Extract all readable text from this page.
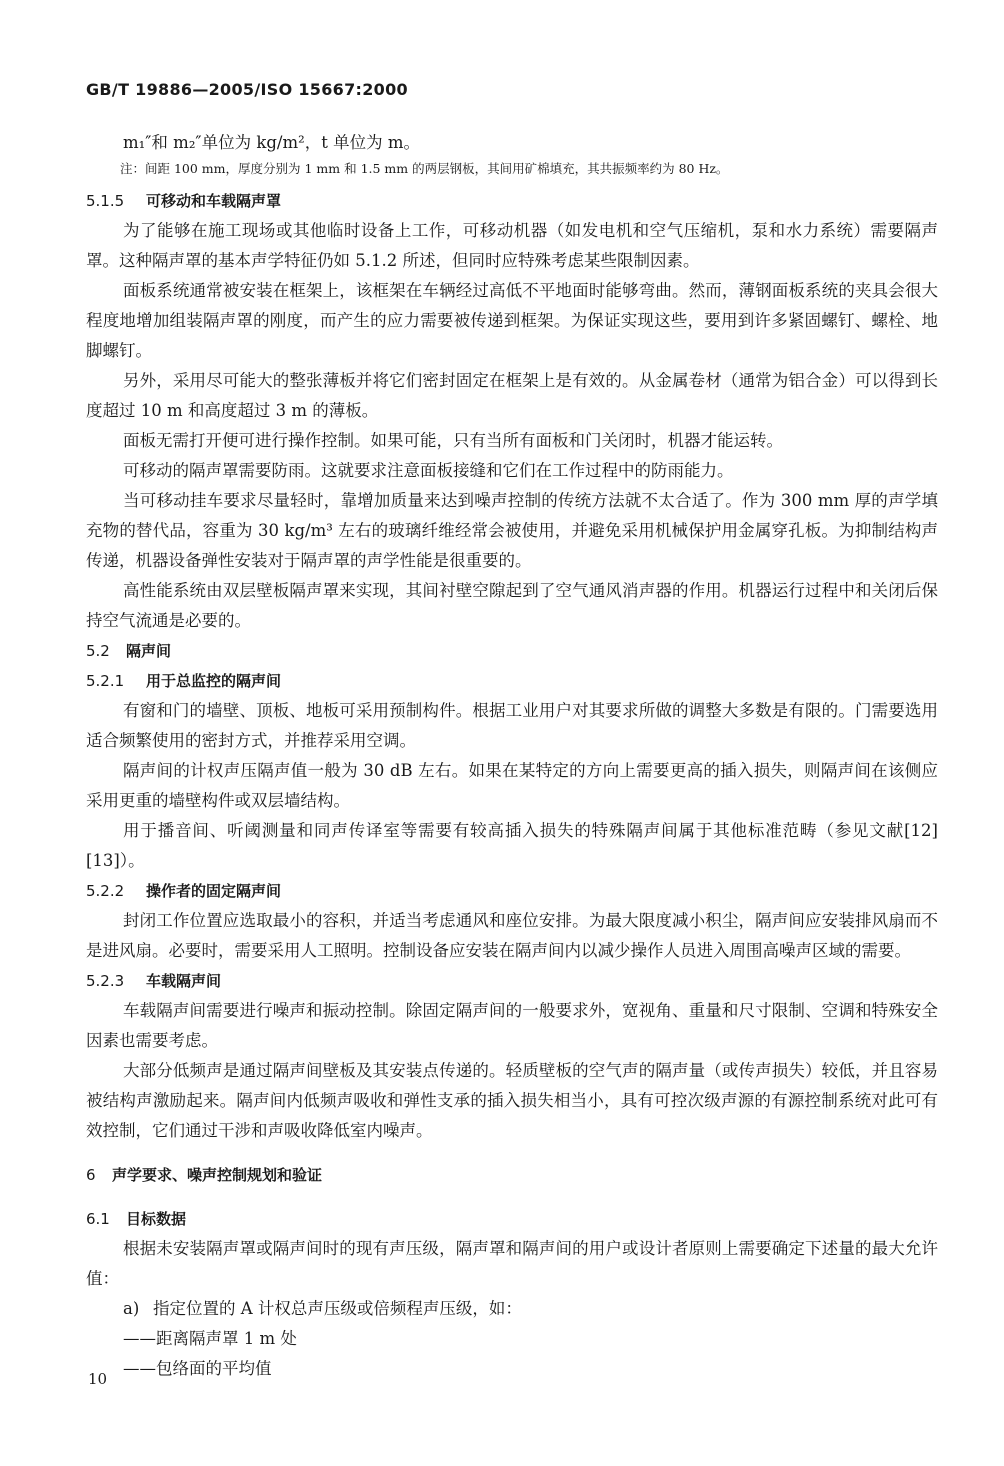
GB/T 19886—2005/ISO 15667:2000

m₁″和 m₂″单位为 kg/m²，t 单位为 m。

注：间距 100 mm，厚度分别为 1 mm 和 1.5 mm 的两层钢板，其间用矿棉填充，其共振频率约为 80 Hz。

5.1.5 可移动和车载隔声罩

为了能够在施工现场或其他临时设备上工作，可移动机器（如发电机和空气压缩机，泵和水力系统）需要隔声罩。这种隔声罩的基本声学特征仍如 5.1.2 所述，但同时应特殊考虑某些限制因素。

面板系统通常被安装在框架上，该框架在车辆经过高低不平地面时能够弯曲。然而，薄钢面板系统的夹具会很大程度地增加组装隔声罩的刚度，而产生的应力需要被传递到框架。为保证实现这些，要用到许多紧固螺钉、螺栓、地脚螺钉。

另外，采用尽可能大的整张薄板并将它们密封固定在框架上是有效的。从金属卷材（通常为铝合金）可以得到长度超过 10 m 和高度超过 3 m 的薄板。

面板无需打开便可进行操作控制。如果可能，只有当所有面板和门关闭时，机器才能运转。

可移动的隔声罩需要防雨。这就要求注意面板接缝和它们在工作过程中的防雨能力。

当可移动挂车要求尽量轻时，靠增加质量来达到噪声控制的传统方法就不太合适了。作为 300 mm 厚的声学填充物的替代品，容重为 30 kg/m³ 左右的玻璃纤维经常会被使用，并避免采用机械保护用金属穿孔板。为抑制结构声传递，机器设备弹性安装对于隔声罩的声学性能是很重要的。

高性能系统由双层壁板隔声罩来实现，其间衬壁空隙起到了空气通风消声器的作用。机器运行过程中和关闭后保持空气流通是必要的。

5.2 隔声间
5.2.1 用于总监控的隔声间

有窗和门的墙壁、顶板、地板可采用预制构件。根据工业用户对其要求所做的调整大多数是有限的。门需要选用适合频繁使用的密封方式，并推荐采用空调。

隔声间的计权声压隔声值一般为 30 dB 左右。如果在某特定的方向上需要更高的插入损失，则隔声间在该侧应采用更重的墙壁构件或双层墙结构。

用于播音间、听阈测量和同声传译室等需要有较高插入损失的特殊隔声间属于其他标准范畴（参见文献[12][13]）。

5.2.2 操作者的固定隔声间

封闭工作位置应选取最小的容积，并适当考虑通风和座位安排。为最大限度减小积尘，隔声间应安装排风扇而不是进风扇。必要时，需要采用人工照明。控制设备应安装在隔声间内以减少操作人员进入周围高噪声区域的需要。

5.2.3 车载隔声间

车载隔声间需要进行噪声和振动控制。除固定隔声间的一般要求外，宽视角、重量和尺寸限制、空调和特殊安全因素也需要考虑。

大部分低频声是通过隔声间壁板及其安装点传递的。轻质壁板的空气声的隔声量（或传声损失）较低，并且容易被结构声激励起来。隔声间内低频声吸收和弹性支承的插入损失相当小，具有可控次级声源的有源控制系统对此可有效控制，它们通过干涉和声吸收降低室内噪声。

6 声学要求、噪声控制规划和验证
6.1 目标数据

根据未安装隔声罩或隔声间时的现有声压级，隔声罩和隔声间的用户或设计者原则上需要确定下述量的最大允许值：

a) 指定位置的 A 计权总声压级或倍频程声压级，如：

——距离隔声罩 1 m 处

——包络面的平均值

10
